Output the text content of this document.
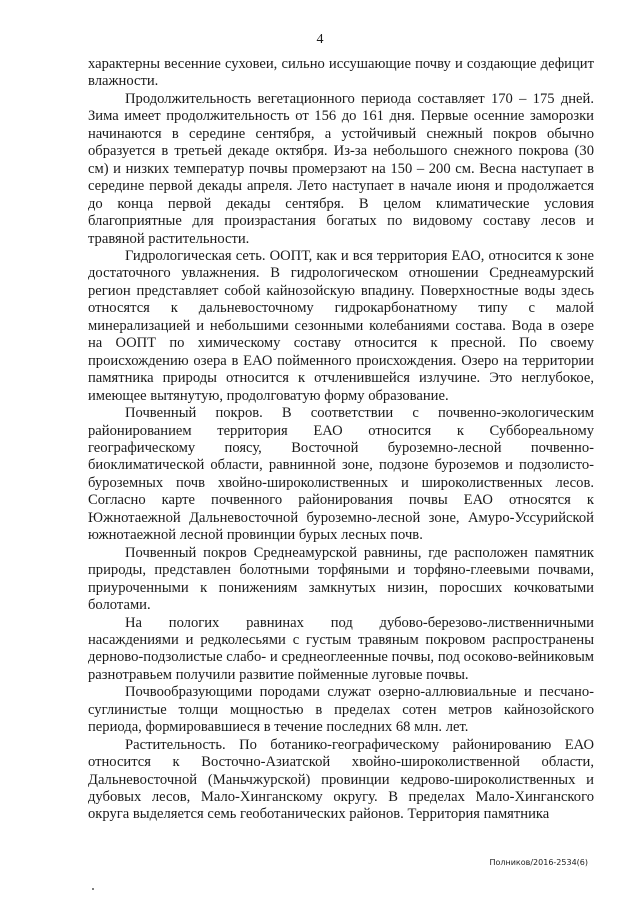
4

характерны весенние суховеи, сильно иссушающие почву и создающие дефицит влажности.

Продолжительность вегетационного периода составляет 170 – 175 дней. Зима имеет продолжительность от 156 до 161 дня. Первые осенние заморозки начинаются в середине сентября, а устойчивый снежный покров обычно образуется в третьей декаде октября. Из-за небольшого снежного покрова (30 см) и низких температур почвы промерзают на 150 – 200 см. Весна наступает в середине первой декады апреля. Лето наступает в начале июня и продолжается до конца первой декады сентября. В целом климатические условия благоприятные для произрастания богатых по видовому составу лесов и травяной растительности.

Гидрологическая сеть. ООПТ, как и вся территория ЕАО, относится к зоне достаточного увлажнения. В гидрологическом отношении Среднеамурский регион представляет собой кайнозойскую впадину. Поверхностные воды здесь относятся к дальневосточному гидрокарбонатному типу с малой минерализацией и небольшими сезонными колебаниями состава. Вода в озере на ООПТ по химическому составу относится к пресной. По своему происхождению озера в ЕАО пойменного происхождения. Озеро на территории памятника природы относится к отчленившейся излучине. Это неглубокое, имеющее вытянутую, продолговатую форму образование.

Почвенный покров. В соответствии с почвенно-экологическим районированием территория ЕАО относится к Суббореальному географическому поясу, Восточной буроземно-лесной почвенно-биоклиматической области, равнинной зоне, подзоне буроземов и подзолисто-буроземных почв хвойно-широколиственных и широколиственных лесов. Согласно карте почвенного районирования почвы ЕАО относятся к Южнотаежной Дальневосточной буроземно-лесной зоне, Амуро-Уссурийской южнотаежной лесной провинции бурых лесных почв.

Почвенный покров Среднеамурской равнины, где расположен памятник природы, представлен болотными торфяными и торфяно-глеевыми почвами, приуроченными к понижениям замкнутых низин, поросших кочковатыми болотами.

На пологих равнинах под дубово-березово-лиственничными насаждениями и редколесьями с густым травяным покровом распространены дерново-подзолистые слабо- и среднеоглеенные почвы, под осоково-вейниковым разнотравьем получили развитие пойменные луговые почвы.

Почвообразующими породами служат озерно-аллювиальные и песчано-суглинистые толщи мощностью в пределах сотен метров кайнозойского периода, формировавшиеся в течение последних 68 млн. лет.

Растительность. По ботанико-географическому районированию ЕАО относится к Восточно-Азиатской хвойно-широколиственной области, Дальневосточной (Маньчжурской) провинции кедрово-широколиственных и дубовых лесов, Мало-Хинганскому округу. В пределах Мало-Хинганского округа выделяется семь геоботанических районов. Территория памятника

Полников/2016-2534(6)
